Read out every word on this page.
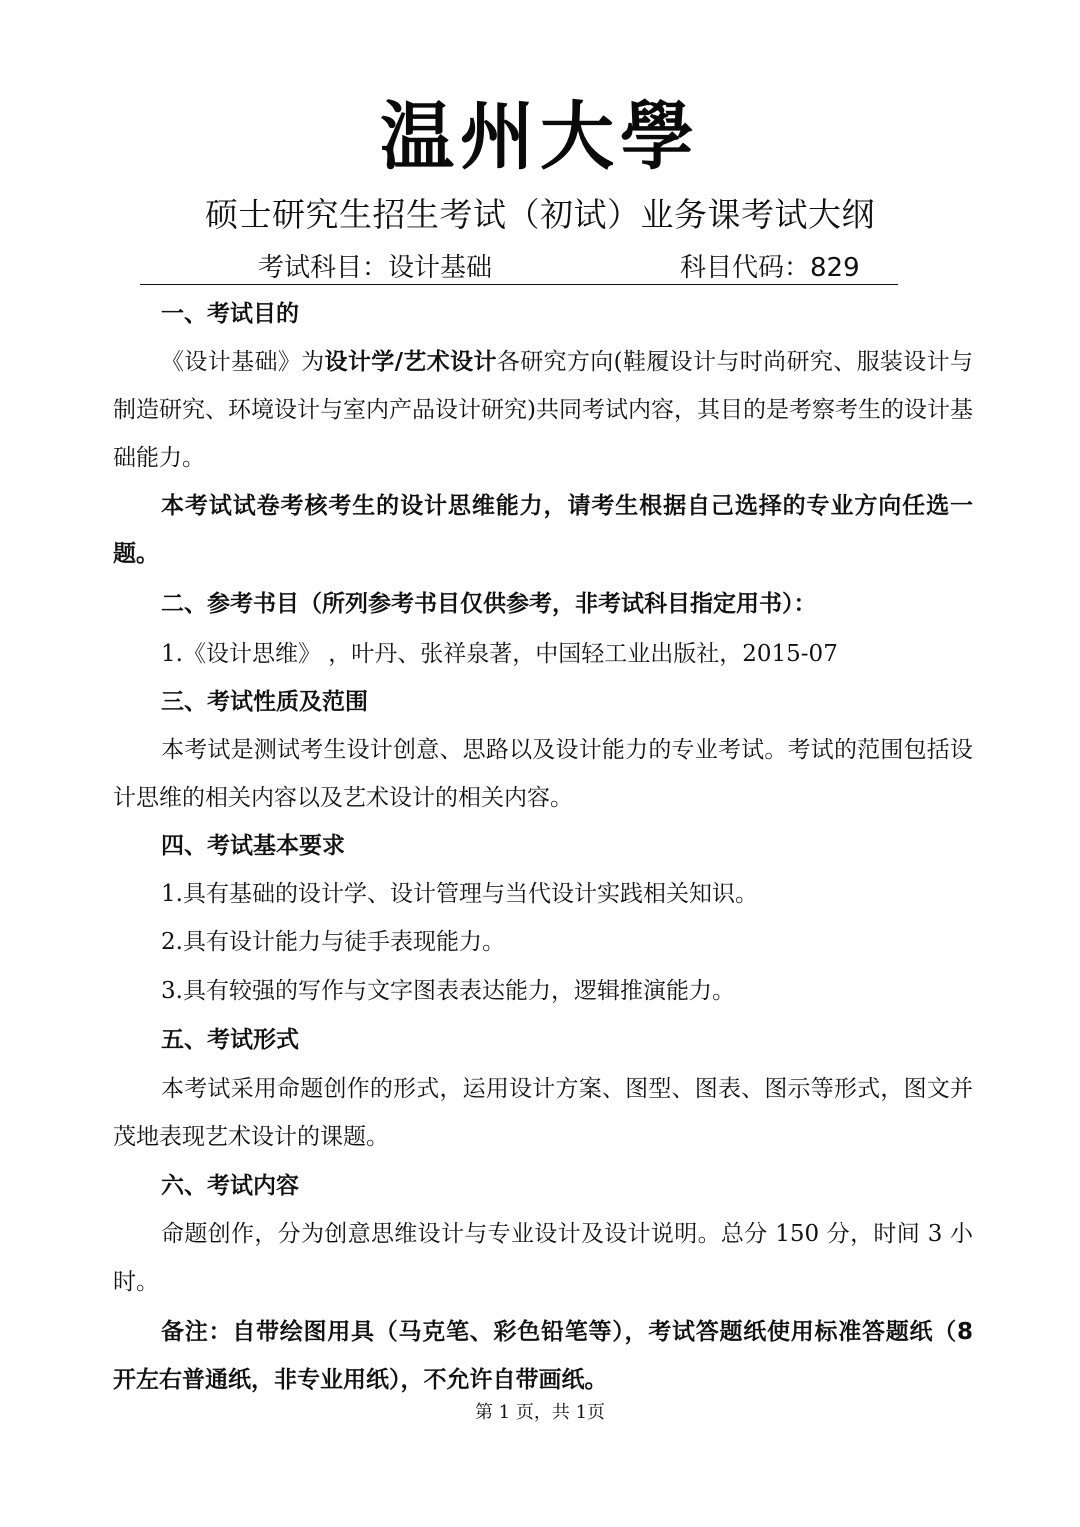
温州大學
硕士研究生招生考试（初试）业务课考试大纲
考试科目：设计基础	科目代码：829
一、考试目的
《设计基础》为设计学/艺术设计各研究方向(鞋履设计与时尚研究、服装设计与制造研究、环境设计与室内产品设计研究)共同考试内容，其目的是考察考生的设计基础能力。
本考试试卷考核考生的设计思维能力，请考生根据自己选择的专业方向任选一题。
二、参考书目（所列参考书目仅供参考，非考试科目指定用书）：
1.《设计思维》 ，叶丹、张祥泉著，中国轻工业出版社，2015-07
三、考试性质及范围
本考试是测试考生设计创意、思路以及设计能力的专业考试。考试的范围包括设计思维的相关内容以及艺术设计的相关内容。
四、考试基本要求
1.具有基础的设计学、设计管理与当代设计实践相关知识。
2.具有设计能力与徒手表现能力。
3.具有较强的写作与文字图表表达能力，逻辑推演能力。
五、考试形式
本考试采用命题创作的形式，运用设计方案、图型、图表、图示等形式，图文并茂地表现艺术设计的课题。
六、考试内容
命题创作，分为创意思维设计与专业设计及设计说明。总分 150 分，时间 3 小时。
备注：自带绘图用具（马克笔、彩色铅笔等），考试答题纸使用标准答题纸（8 开左右普通纸，非专业用纸），不允许自带画纸。
第 1 页，共 1页
